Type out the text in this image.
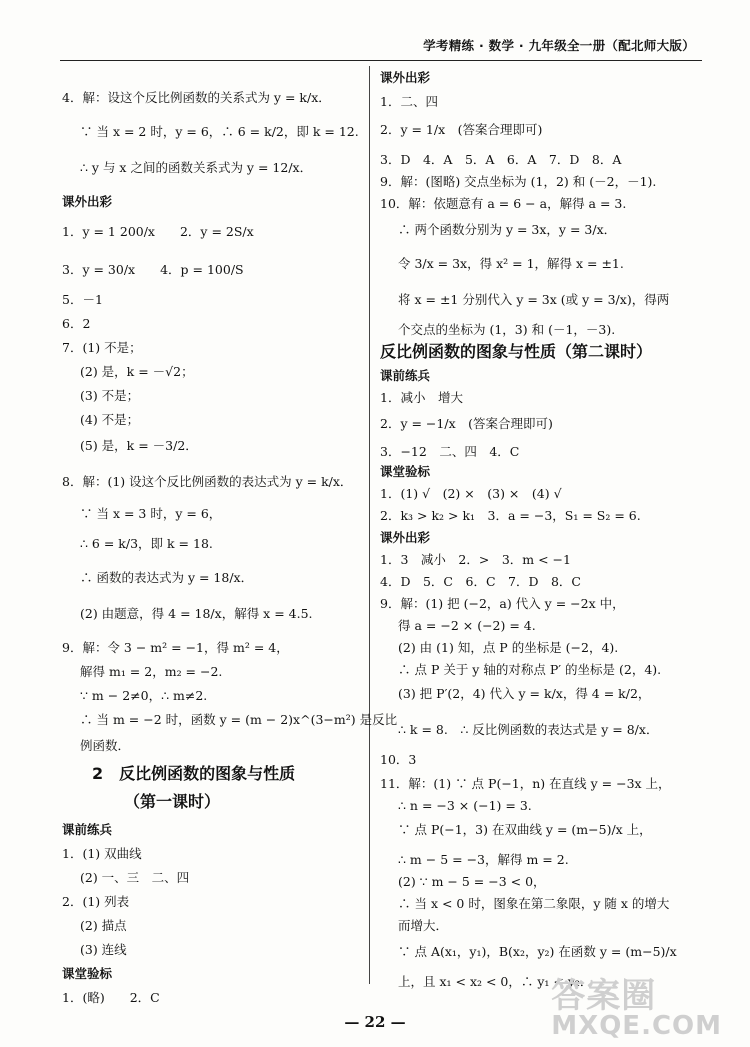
学考精练 · 数学 · 九年级全一册（配北师大版）
4．解：设这个反比例函数的关系式为 y = k/x．
∵ 当 x = 2 时，y = 6，∴ 6 = k/2，即 k = 12.
∴ y 与 x 之间的函数关系式为 y = 12/x．
课外出彩
1．y = 1 200/x　　2．y = 2S/x
3．y = 30/x　　4．p = 100/S
5．－1
6．2
7．(1) 不是；
(2) 是，k = －√2；
(3) 不是；
(4) 不是；
(5) 是，k = －3/2．
8．解：(1) 设这个反比例函数的表达式为 y = k/x．
∵ 当 x = 3 时，y = 6，
∴ 6 = k/3，即 k = 18.
∴ 函数的表达式为 y = 18/x．
(2) 由题意，得 4 = 18/x，解得 x = 4.5.
9．解：令 3 − m² = −1，得 m² = 4，
解得 m₁ = 2，m₂ = −2.
∵ m − 2≠0，∴ m≠2.
∴ 当 m = −2 时，函数 y = (m − 2)x^(3−m²) 是反比
例函数．
2　反比例函数的图象与性质
（第一课时）
课前练兵
1．(1) 双曲线
(2) 一、三　二、四
2．(1) 列表
(2) 描点
(3) 连线
课堂验标
1．(略)　　2．C
课外出彩
1．二、四
2．y = 1/x　(答案合理即可)
3．D　4．A　5．A　6．A　7．D　8．A
9．解：(图略) 交点坐标为 (1，2) 和 (－2，－1).
10．解：依题意有 a = 6 − a，解得 a = 3.
∴ 两个函数分别为 y = 3x，y = 3/x．
令 3/x = 3x，得 x² = 1，解得 x = ±1.
将 x = ±1 分别代入 y = 3x (或 y = 3/x)，得两
个交点的坐标为 (1，3) 和 (－1，－3).
反比例函数的图象与性质（第二课时）
课前练兵
1．减小　增大
2．y = −1/x　(答案合理即可)
3．−12　二、四　4．C
课堂验标
1．(1) √　(2) ×　(3) ×　(4) √
2．k₃ > k₂ > k₁　3．a = −3，S₁ = S₂ = 6.
课外出彩
1．3　减小　2．>　3．m < −1
4．D　5．C　6．C　7．D　8．C
9．解：(1) 把 (−2，a) 代入 y = −2x 中，
得 a = −2 × (−2) = 4.
(2) 由 (1) 知，点 P 的坐标是 (−2，4).
∴ 点 P 关于 y 轴的对称点 P′ 的坐标是 (2，4).
(3) 把 P′(2，4) 代入 y = k/x，得 4 = k/2，
∴ k = 8.　∴ 反比例函数的表达式是 y = 8/x．
10．3
11．解：(1) ∵ 点 P(−1，n) 在直线 y = −3x 上，
∴ n = −3 × (−1) = 3.
∵ 点 P(−1，3) 在双曲线 y = (m−5)/x 上，
∴ m − 5 = −3，解得 m = 2.
(2) ∵ m − 5 = −3 < 0，
∴ 当 x < 0 时，图象在第二象限，y 随 x 的增大
而增大．
∵ 点 A(x₁，y₁)，B(x₂，y₂) 在函数 y = (m−5)/x
上，且 x₁ < x₂ < 0，∴ y₁ < y₂．
— 22 —
答案圈
MXQE.COM
